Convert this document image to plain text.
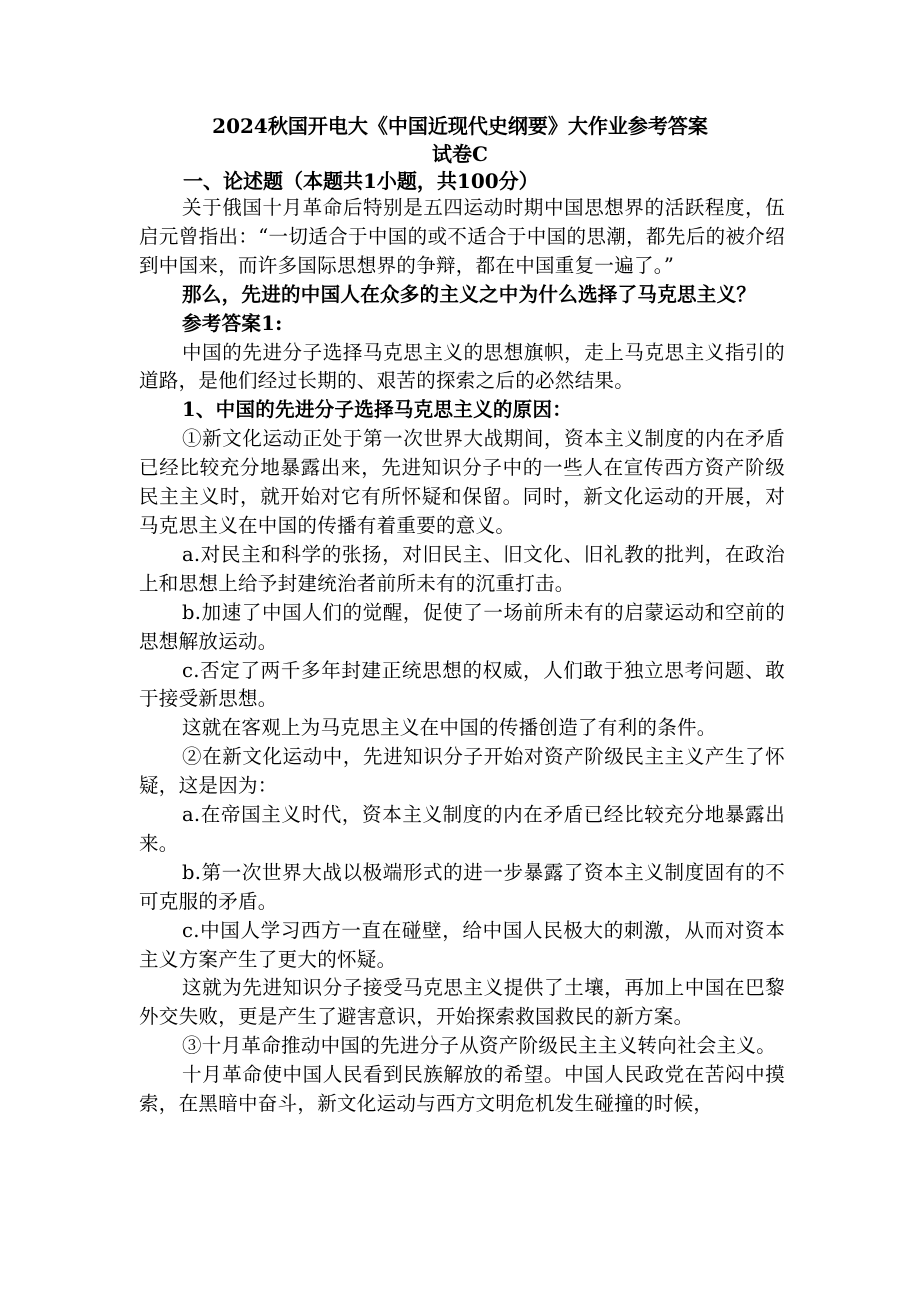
2024秋国开电大《中国近现代史纲要》大作业参考答案
试卷C
一、论述题（本题共1小题，共100分）

关于俄国十月革命后特别是五四运动时期中国思想界的活跃程度，伍启元曾指出：“一切适合于中国的或不适合于中国的思潮，都先后的被介绍到中国来，而许多国际思想界的争辩，都在中国重复一遍了。”

那么，先进的中国人在众多的主义之中为什么选择了马克思主义？

参考答案1:

中国的先进分子选择马克思主义的思想旗帜，走上马克思主义指引的道路，是他们经过长期的、艰苦的探索之后的必然结果。

1、中国的先进分子选择马克思主义的原因：

①新文化运动正处于第一次世界大战期间，资本主义制度的内在矛盾已经比较充分地暴露出来，先进知识分子中的一些人在宣传西方资产阶级民主主义时，就开始对它有所怀疑和保留。同时，新文化运动的开展，对马克思主义在中国的传播有着重要的意义。

a.对民主和科学的张扬，对旧民主、旧文化、旧礼教的批判，在政治上和思想上给予封建统治者前所未有的沉重打击。

b.加速了中国人们的觉醒，促使了一场前所未有的启蒙运动和空前的思想解放运动。

c.否定了两千多年封建正统思想的权威，人们敢于独立思考问题、敢于接受新思想。

这就在客观上为马克思主义在中国的传播创造了有利的条件。

②在新文化运动中，先进知识分子开始对资产阶级民主主义产生了怀疑，这是因为：

a.在帝国主义时代，资本主义制度的内在矛盾已经比较充分地暴露出来。

b.第一次世界大战以极端形式的进一步暴露了资本主义制度固有的不可克服的矛盾。

c.中国人学习西方一直在碰壁，给中国人民极大的刺激，从而对资本主义方案产生了更大的怀疑。

这就为先进知识分子接受马克思主义提供了土壤，再加上中国在巴黎外交失败，更是产生了避害意识，开始探索救国救民的新方案。

③十月革命推动中国的先进分子从资产阶级民主主义转向社会主义。

十月革命使中国人民看到民族解放的希望。中国人民政党在苦闷中摸索，在黑暗中奋斗，新文化运动与西方文明危机发生碰撞的时候，
